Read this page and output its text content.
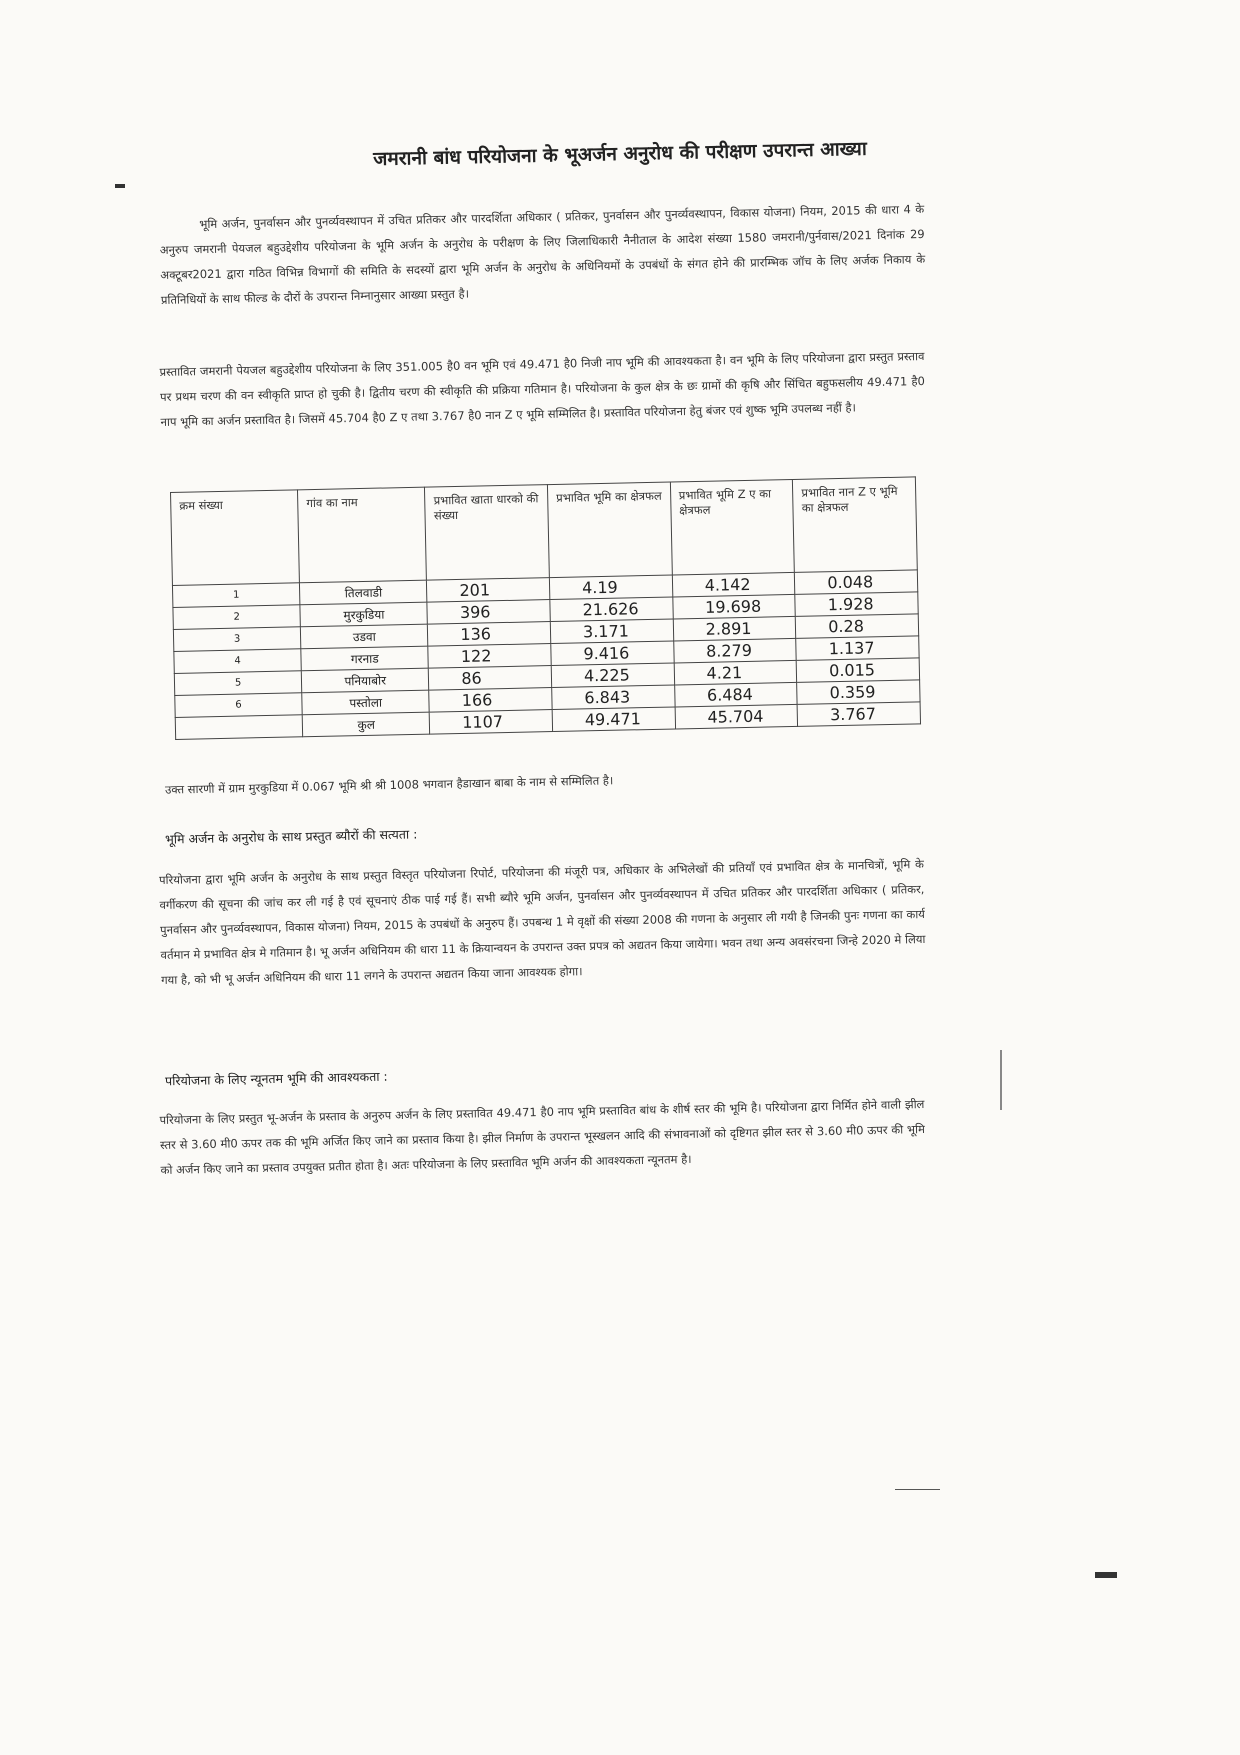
जमरानी बांध परियोजना के भूअर्जन अनुरोध की परीक्षण उपरान्त आख्या
भूमि अर्जन, पुनर्वासन और पुनर्व्यवस्थापन में उचित प्रतिकर और पारदर्शिता अधिकार ( प्रतिकर, पुनर्वासन और पुनर्व्यवस्थापन, विकास योजना) नियम, 2015 की धारा 4 के अनुरुप जमरानी पेयजल बहुउद्देशीय परियोजना के भूमि अर्जन के अनुरोध के परीक्षण के लिए जिलाधिकारी नैनीताल के आदेश संख्या 1580 जमरानी/पुर्नवास/2021 दिनांक 29 अक्टूबर2021 द्वारा गठित विभिन्न विभागों की समिति के सदस्यों द्वारा भूमि अर्जन के अनुरोध के अधिनियमों के उपबंधों के संगत होने की प्रारम्भिक जॉच के लिए अर्जक निकाय के प्रतिनिधियों के साथ फील्ड के दौरों के उपरान्त निम्नानुसार आख्या प्रस्तुत है।
प्रस्तावित जमरानी पेयजल बहुउद्देशीय परियोजना के लिए 351.005 है0 वन भूमि एवं 49.471 है0 निजी नाप भूमि की आवश्यकता है। वन भूमि के लिए परियोजना द्वारा प्रस्तुत प्रस्ताव पर प्रथम चरण की वन स्वीकृति प्राप्त हो चुकी है। द्वितीय चरण की स्वीकृति की प्रक्रिया गतिमान है। परियोजना के कुल क्षेत्र के छः ग्रामों की कृषि और सिंचित बहुफसलीय 49.471 है0 नाप भूमि का अर्जन प्रस्तावित है। जिसमें 45.704 है0 Z ए तथा 3.767 है0 नान Z ए भूमि सम्मिलित है। प्रस्तावित परियोजना हेतु बंजर एवं शुष्क भूमि उपलब्ध नहीं है।
क्रम संख्या	गांव का नाम	प्रभावित खाता धारको की संख्या	प्रभावित भूमि का क्षेत्रफल	प्रभावित भूमि Z ए का क्षेत्रफल	प्रभावित नान Z ए भूमि का क्षेत्रफल
1	तिलवाडी	201	4.19	4.142	0.048
2	मुरकुडिया	396	21.626	19.698	1.928
3	उडवा	136	3.171	2.891	0.28
4	गरनाड	122	9.416	8.279	1.137
5	पनियाबोर	86	4.225	4.21	0.015
6	पस्तोला	166	6.843	6.484	0.359
	कुल	1107	49.471	45.704	3.767
उक्त सारणी में ग्राम मुरकुडिया में 0.067 भूमि श्री श्री 1008 भगवान हैडाखान बाबा के नाम से सम्मिलित है।
भूमि अर्जन के अनुरोध के साथ प्रस्तुत ब्यौरों की सत्यता :
परियोजना द्वारा भूमि अर्जन के अनुरोध के साथ प्रस्तुत विस्तृत परियोजना रिपोर्ट, परियोजना की मंजूरी पत्र, अधिकार के अभिलेखों की प्रतियाँ एवं प्रभावित क्षेत्र के मानचित्रों, भूमि के वर्गीकरण की सूचना की जांच कर ली गई है एवं सूचनाएं ठीक पाई गई हैं। सभी ब्यौरे भूमि अर्जन, पुनर्वासन और पुनर्व्यवस्थापन में उचित प्रतिकर और पारदर्शिता अधिकार ( प्रतिकर, पुनर्वासन और पुनर्व्यवस्थापन, विकास योजना) नियम, 2015 के उपबंधों के अनुरुप हैं। उपबन्ध 1 मे वृक्षों की संख्या 2008 की गणना के अनुसार ली गयी है जिनकी पुनः गणना का कार्य वर्तमान मे प्रभावित क्षेत्र मे गतिमान है। भू अर्जन अधिनियम की धारा 11 के क्रियान्वयन के उपरान्त उक्त प्रपत्र को अद्यतन किया जायेगा। भवन तथा अन्य अवसंरचना जिन्हे 2020 मे लिया गया है, को भी भू अर्जन अधिनियम की धारा 11 लगने के उपरान्त अद्यतन किया जाना आवश्यक होगा।
परियोजना के लिए न्यूनतम भूमि की आवश्यकता :
परियोजना के लिए प्रस्तुत भू-अर्जन के प्रस्ताव के अनुरुप अर्जन के लिए प्रस्तावित 49.471 है0 नाप भूमि प्रस्तावित बांध के शीर्ष स्तर की भूमि है। परियोजना द्वारा निर्मित होने वाली झील स्तर से 3.60 मी0 ऊपर तक की भूमि अर्जित किए जाने का प्रस्ताव किया है। झील निर्माण के उपरान्त भूस्खलन आदि की संभावनाओं को दृष्टिगत झील स्तर से 3.60 मी0 ऊपर की भूमि को अर्जन किए जाने का प्रस्ताव उपयुक्त प्रतीत होता है। अतः परियोजना के लिए प्रस्तावित भूमि अर्जन की आवश्यकता न्यूनतम है।
